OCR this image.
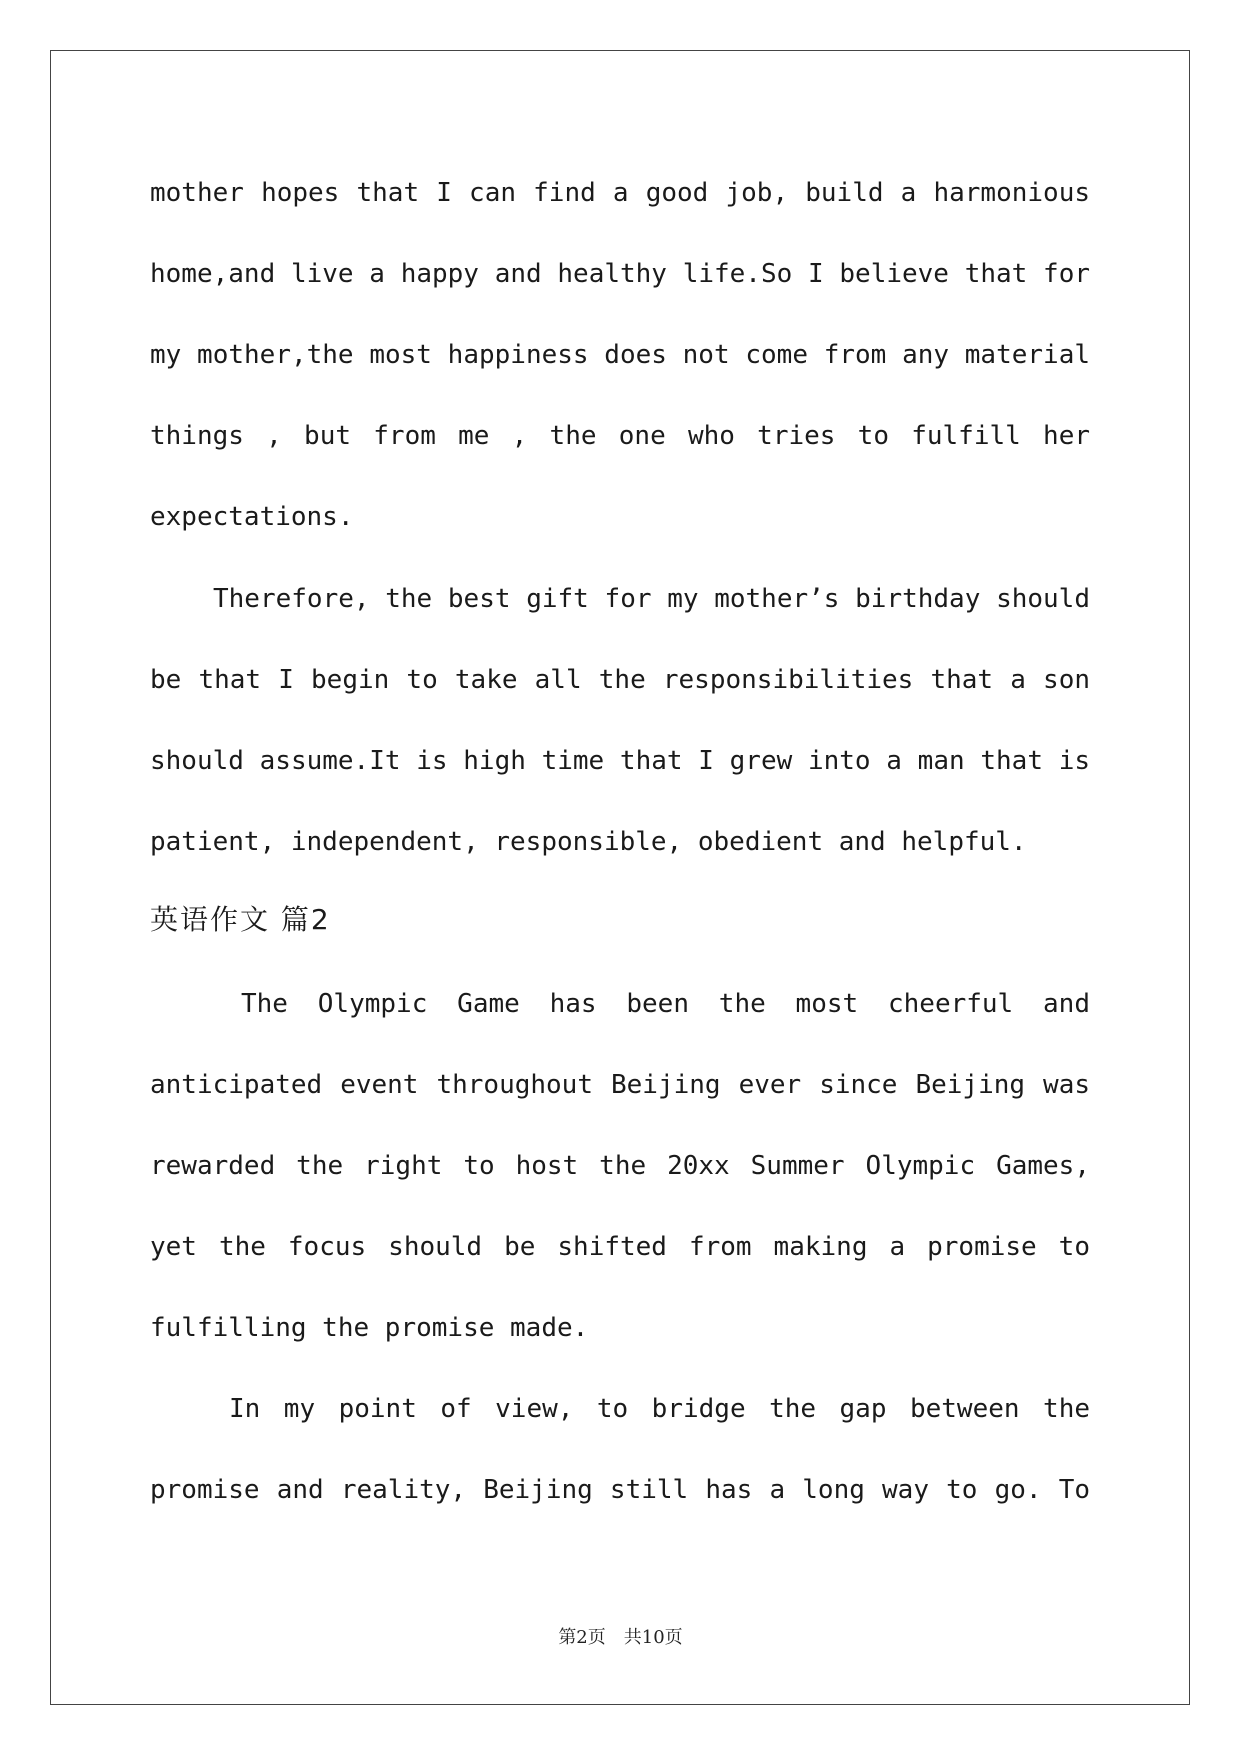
mother hopes that I can find a good job, build a harmonious
home,and live a happy and healthy life.So I believe that for
my mother,the most happiness does not come from any material
things , but from me , the one who tries to fulfill her
expectations.
Therefore, the best gift for my mother’s birthday should
be that I begin to take all the responsibilities that a son
should assume.It is high time that I grew into a man that is
patient, independent, responsible, obedient and helpful.
英语作文 篇2
The Olympic Game has been the most cheerful and
anticipated event throughout Beijing ever since Beijing was
rewarded the right to host the 20xx Summer Olympic Games,
yet the focus should be shifted from making a promise to
fulfilling the promise made.
In my point of view, to bridge the gap between the
promise and reality, Beijing still has a long way to go. To
第2页　共10页
